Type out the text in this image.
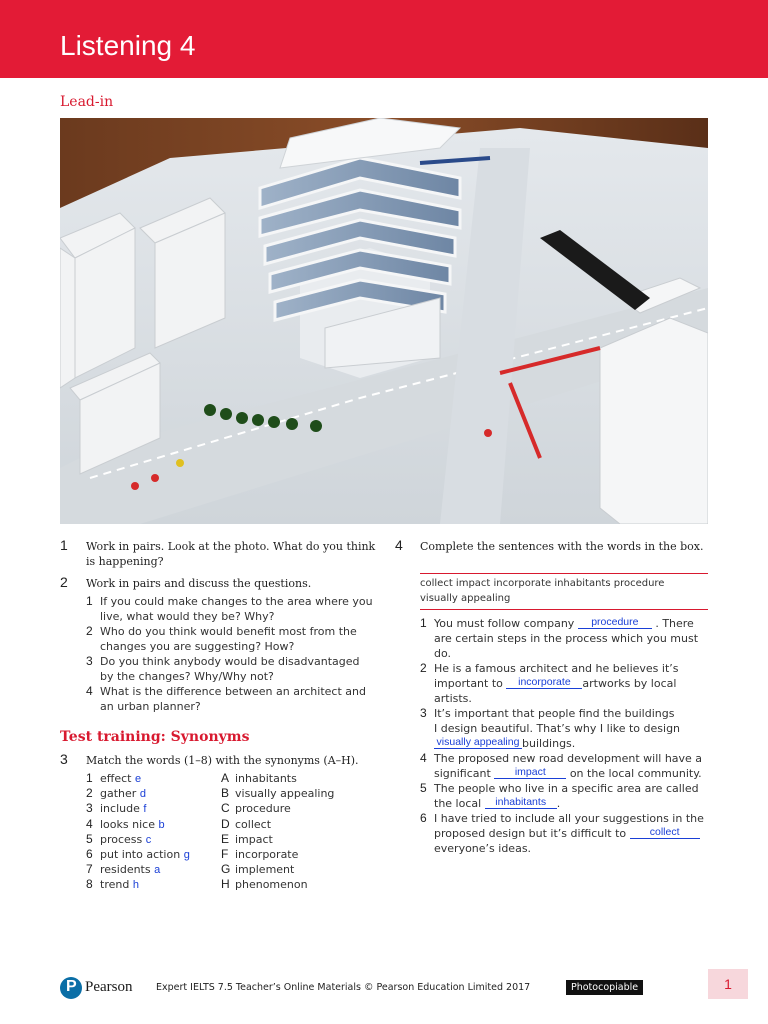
Listening 4
Lead-in
1 Work in pairs. Look at the photo. What do you think is happening?
2 Work in pairs and discuss the questions.
1 If you could make changes to the area where you live, what would they be? Why?
2 Who do you think would benefit most from the changes you are suggesting? How?
3 Do you think anybody would be disadvantaged by the changes? Why/Why not?
4 What is the difference between an architect and an urban planner?
Test training: Synonyms
3 Match the words (1–8) with the synonyms (A–H).
1 effect e
2 gather d
3 include f
4 looks nice b
5 process c
6 put into action g
7 residents a
8 trend h
A inhabitants
B visually appealing
C procedure
D collect
E impact
F incorporate
G implement
H phenomenon
4 Complete the sentences with the words in the box.
collect impact incorporate inhabitants procedure
visually appealing
1 You must follow company procedure . There
are certain steps in the process which you must do.
2 He is a famous architect and he believes it’s
important to incorporate artworks by local
artists.
3 It’s important that people find the buildings
I design beautiful. That’s why I like to design
visually appealing buildings.
4 The proposed new road development will have a
significant impact on the local community.
5 The people who live in a specific area are called
the local inhabitants .
6 I have tried to include all your suggestions in the
proposed design but it’s difficult to collect
everyone’s ideas.
P Pearson Expert IELTS 7.5 Teacher’s Online Materials © Pearson Education Limited 2017	Photocopiable	1
